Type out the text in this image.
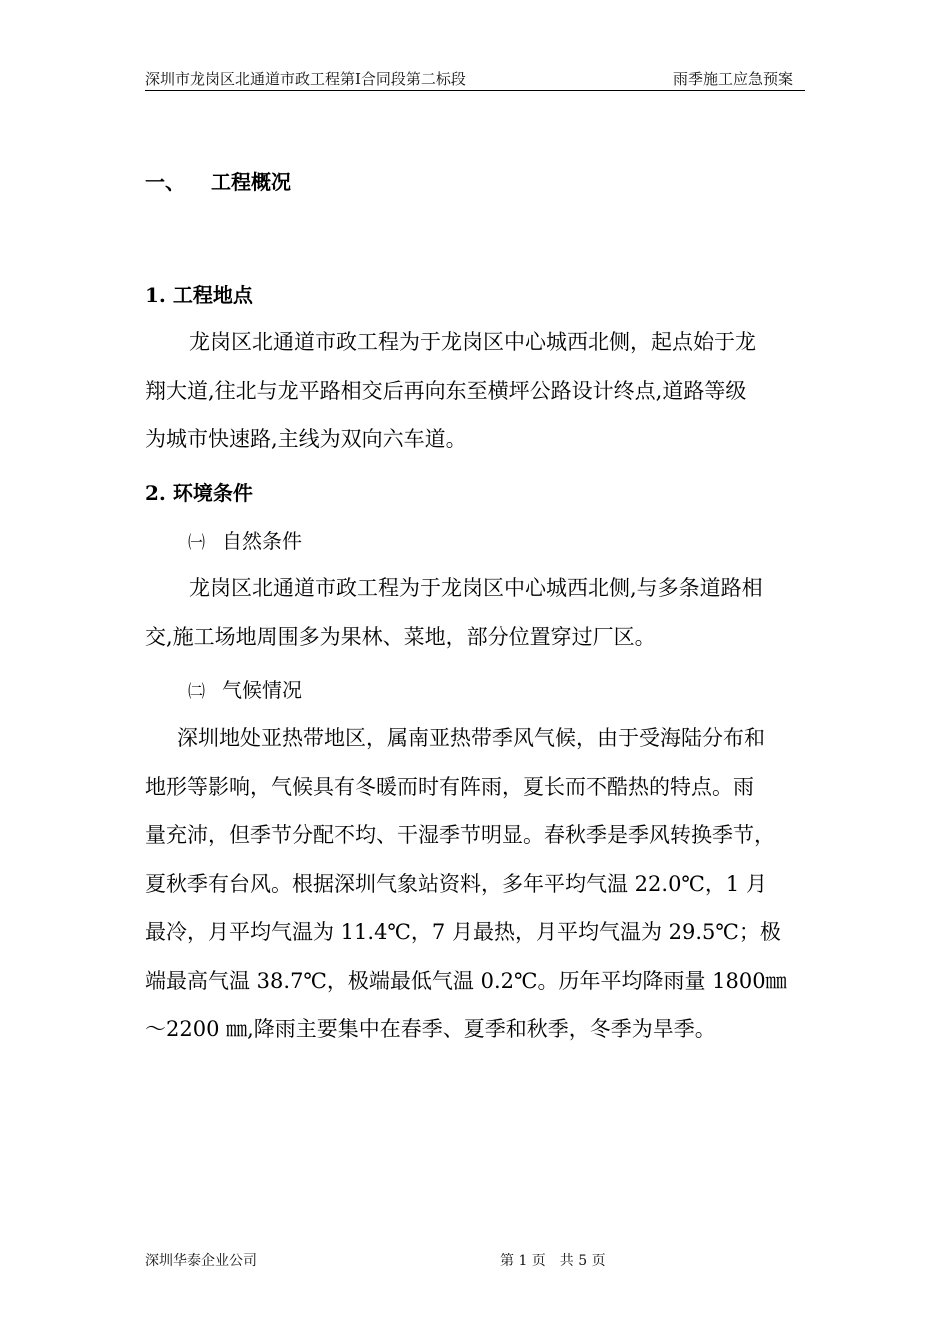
深圳市龙岗区北通道市政工程第Ⅰ合同段第二标段	雨季施工应急预案
一、 工程概况
1. 工程地点
龙岗区北通道市政工程为于龙岗区中心城西北侧，起点始于龙
翔大道,往北与龙平路相交后再向东至横坪公路设计终点,道路等级
为城市快速路,主线为双向六车道。
2. 环境条件
㈠ 自然条件
龙岗区北通道市政工程为于龙岗区中心城西北侧,与多条道路相
交,施工场地周围多为果林、菜地，部分位置穿过厂区。
㈡ 气候情况
深圳地处亚热带地区，属南亚热带季风气候，由于受海陆分布和
地形等影响，气候具有冬暖而时有阵雨，夏长而不酷热的特点。雨
量充沛，但季节分配不均、干湿季节明显。春秋季是季风转换季节，
夏秋季有台风。根据深圳气象站资料，多年平均气温 22.0℃，1 月
最冷，月平均气温为 11.4℃，7 月最热，月平均气温为 29.5℃；极
端最高气温 38.7℃，极端最低气温 0.2℃。历年平均降雨量 1800㎜
～2200 ㎜,降雨主要集中在春季、夏季和秋季，冬季为旱季。
深圳华泰企业公司	第 1 页　共 5 页
